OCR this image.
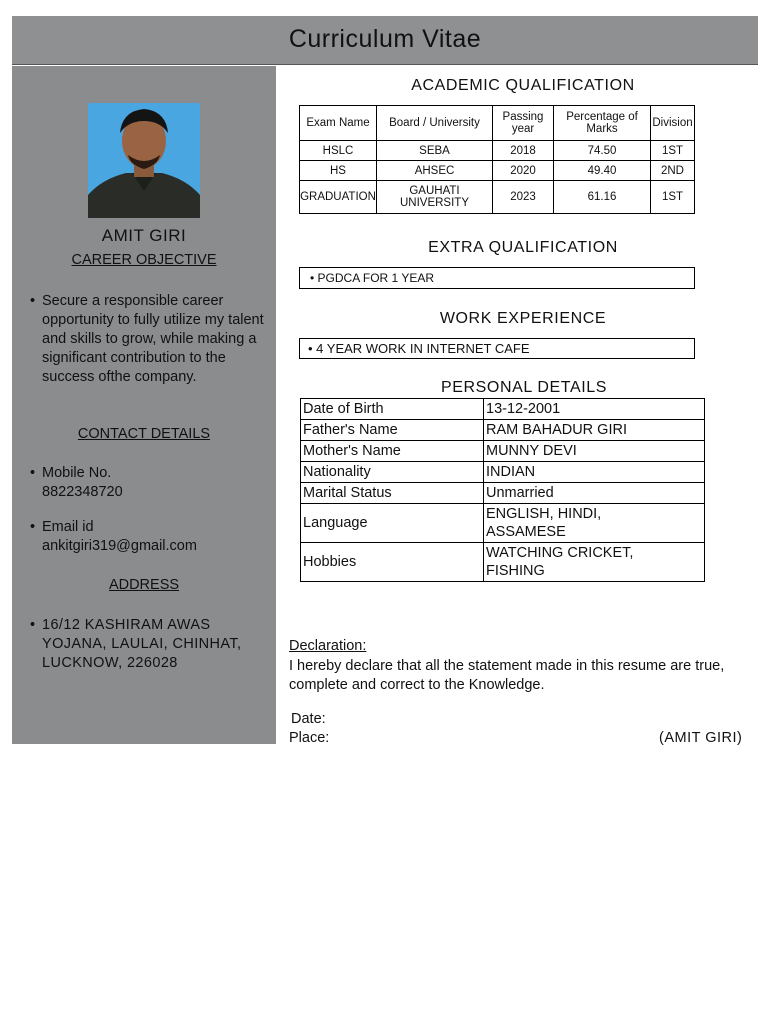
Curriculum Vitae
AMIT GIRI
CAREER OBJECTIVE
• Secure a responsible career opportunity to fully utilize my talent and skills to grow, while making a significant contribution to the success ofthe company.
CONTACT DETAILS
• Mobile No.
8822348720
• Email id
ankitgiri319@gmail.com
ADDRESS
• 16/12 KASHIRAM AWAS YOJANA, LAULAI, CHINHAT, LUCKNOW, 226028
ACADEMIC QUALIFICATION
Exam Name	Board / University	Passing year	Percentage of Marks	Division
HSLC	SEBA	2018	74.50	1ST
HS	AHSEC	2020	49.40	2ND
GRADUATION	GAUHATI UNIVERSITY	2023	61.16	1ST
EXTRA QUALIFICATION
• PGDCA FOR 1 YEAR
WORK EXPERIENCE
• 4 YEAR WORK IN INTERNET CAFE
PERSONAL DETAILS
Date of Birth	13-12-2001
Father's Name	RAM BAHADUR GIRI
Mother's Name	MUNNY DEVI
Nationality	INDIAN
Marital Status	Unmarried
Language	ENGLISH, HINDI, ASSAMESE
Hobbies	WATCHING CRICKET, FISHING
Declaration:
I hereby declare that all the statement made in this resume are true,
complete and correct to the Knowledge.
Date:
Place:	(AMIT GIRI)
